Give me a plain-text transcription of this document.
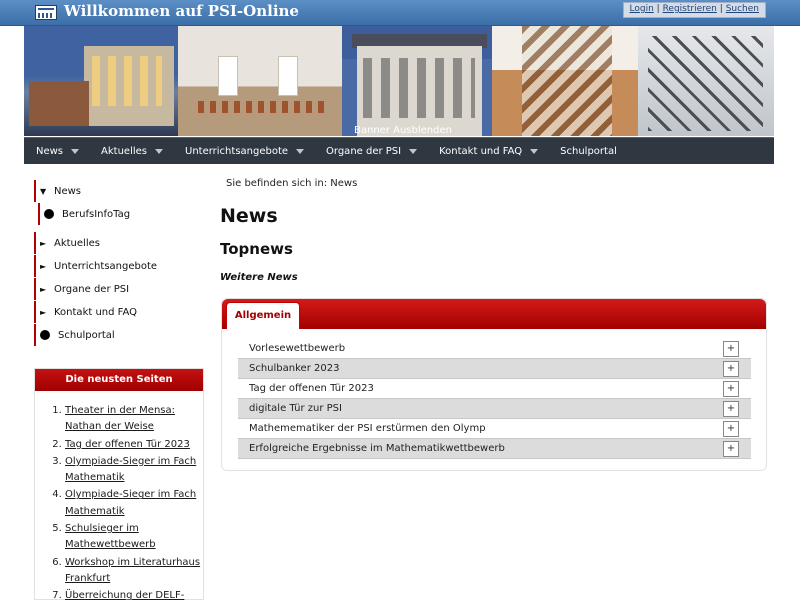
Willkommen auf PSI-Online	Login | Registrieren | Suchen
Banner Ausblenden
News	Aktuelles	Unterrichtsangebote	Organe der PSI	Kontakt und FAQ	Schulportal
▼ News
BerufsInfoTag
► Aktuelles
► Unterrichtsangebote
► Organe der PSI
► Kontakt und FAQ
Schulportal
Die neusten Seiten
1. Theater in der Mensa: Nathan der Weise
2. Tag der offenen Tür 2023
3. Olympiade-Sieger im Fach Mathematik
4. Olympiade-Sieger im Fach Mathematik
5. Schulsieger im Mathewettbewerb
6. Workshop im Literaturhaus Frankfurt
7. Überreichung der DELF-
Sie befinden sich in: News
News
Topnews
Weitere News
Allgemein
Vorlesewettbewerb	+
Schulbanker 2023	+
Tag der offenen Tür 2023	+
digitale Tür zur PSI	+
Mathemematiker der PSI erstürmen den Olymp	+
Erfolgreiche Ergebnisse im Mathematikwettbewerb	+
